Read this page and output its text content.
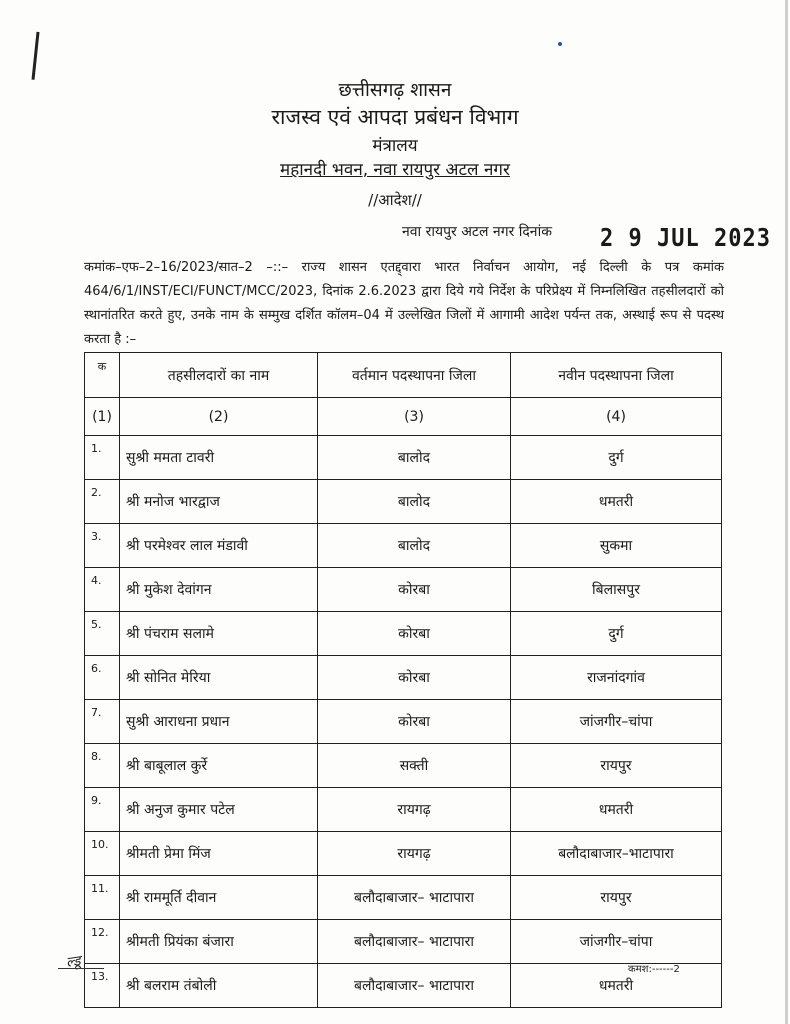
छत्तीसगढ़ शासन
राजस्व एवं आपदा प्रबंधन विभाग
मंत्रालय
महानदी भवन, नवा रायपुर अटल नगर
//आदेश//
नवा रायपुर अटल नगर दिनांक 2 9 JUL 2023
कमांक–एफ–2–16/2023/सात–2 –::– राज्य शासन एतद्द्वारा भारत निर्वाचन आयोग, नई दिल्ली के पत्र कमांक 464/6/1/INST/ECI/FUNCT/MCC/2023, दिनांक 2.6.2023 द्वारा दिये गये निर्देश के परिप्रेक्ष्य में निम्नलिखित तहसीलदारों को स्थानांतरित करते हुए, उनके नाम के सम्मुख दर्शित कॉलम–04 में उल्लेखित जिलों में आगामी आदेश पर्यन्त तक, अस्थाई रूप से पदस्थ करता है :–
क	तहसीलदारों का नाम	वर्तमान पदस्थापना जिला	नवीन पदस्थापना जिला
(1)	(2)	(3)	(4)
1.	सुश्री ममता टावरी	बालोद	दुर्ग
2.	श्री मनोज भारद्वाज	बालोद	धमतरी
3.	श्री परमेश्वर लाल मंडावी	बालोद	सुकमा
4.	श्री मुकेश देवांगन	कोरबा	बिलासपुर
5.	श्री पंचराम सलामे	कोरबा	दुर्ग
6.	श्री सोनित मेरिया	कोरबा	राजनांदगांव
7.	सुश्री आराधना प्रधान	कोरबा	जांजगीर–चांपा
8.	श्री बाबूलाल कुर्रे	सक्ती	रायपुर
9.	श्री अनुज कुमार पटेल	रायगढ़	धमतरी
10.	श्रीमती प्रेमा मिंज	रायगढ़	बलौदाबाजार–भाटापारा
11.	श्री राममूर्ति दीवान	बलौदाबाजार– भाटापारा	रायपुर
12.	श्रीमती प्रियंका बंजारा	बलौदाबाजार– भाटापारा	जांजगीर–चांपा
13.	श्री बलराम तंबोली	बलौदाबाजार– भाटापारा	धमतरी
ल्डू	कमश:------2
